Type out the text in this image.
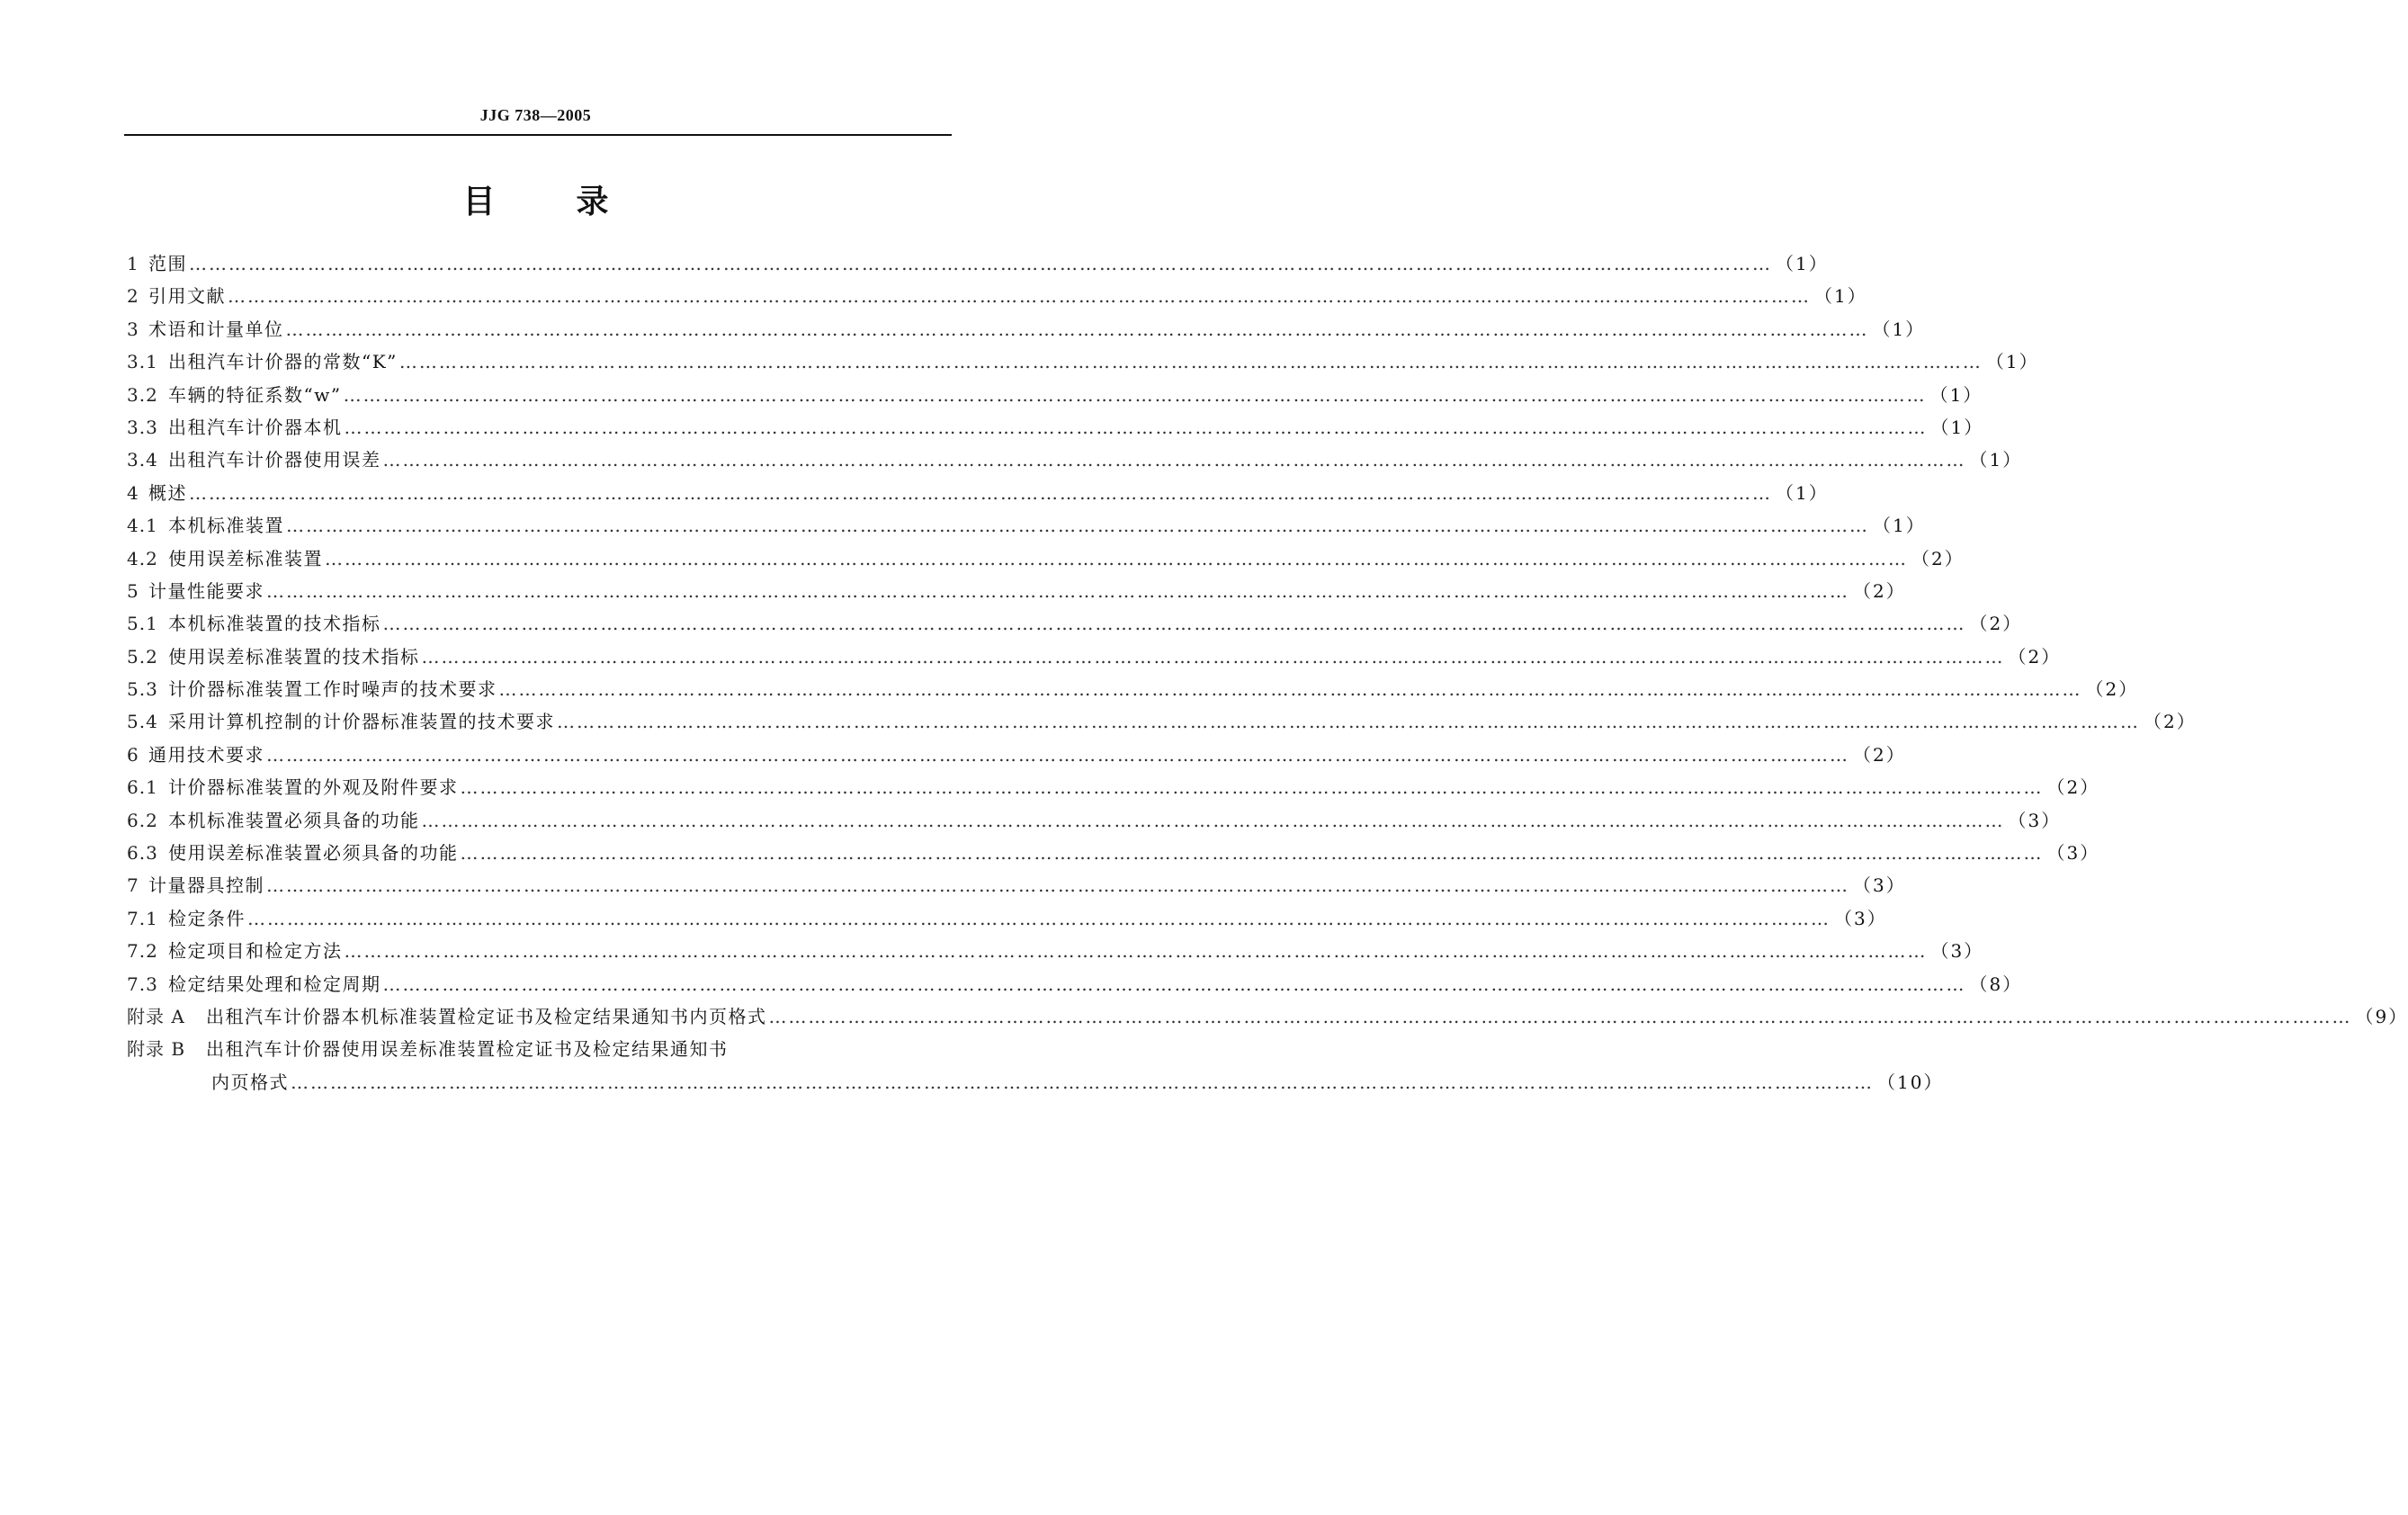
JJG 738—2005
目	录
1 范围 …………………………………………………………………………………………………………………………………………………………………………………………………………………… （1）
2 引用文献 …………………………………………………………………………………………………………………………………………………………………………………………………………………… （1）
3 术语和计量单位 …………………………………………………………………………………………………………………………………………………………………………………………………………………… （1）
3.1 出租汽车计价器的常数“K” …………………………………………………………………………………………………………………………………………………………………………………………………………………… （1）
3.2 车辆的特征系数“w” …………………………………………………………………………………………………………………………………………………………………………………………………………………… （1）
3.3 出租汽车计价器本机 …………………………………………………………………………………………………………………………………………………………………………………………………………………… （1）
3.4 出租汽车计价器使用误差 …………………………………………………………………………………………………………………………………………………………………………………………………………………… （1）
4 概述 …………………………………………………………………………………………………………………………………………………………………………………………………………………… （1）
4.1 本机标准装置 …………………………………………………………………………………………………………………………………………………………………………………………………………………… （1）
4.2 使用误差标准装置 …………………………………………………………………………………………………………………………………………………………………………………………………………………… （2）
5 计量性能要求 …………………………………………………………………………………………………………………………………………………………………………………………………………………… （2）
5.1 本机标准装置的技术指标 …………………………………………………………………………………………………………………………………………………………………………………………………………………… （2）
5.2 使用误差标准装置的技术指标 …………………………………………………………………………………………………………………………………………………………………………………………………………………… （2）
5.3 计价器标准装置工作时噪声的技术要求 …………………………………………………………………………………………………………………………………………………………………………………………………………………… （2）
5.4 采用计算机控制的计价器标准装置的技术要求 …………………………………………………………………………………………………………………………………………………………………………………………………………………… （2）
6 通用技术要求 …………………………………………………………………………………………………………………………………………………………………………………………………………………… （2）
6.1 计价器标准装置的外观及附件要求 …………………………………………………………………………………………………………………………………………………………………………………………………………………… （2）
6.2 本机标准装置必须具备的功能 …………………………………………………………………………………………………………………………………………………………………………………………………………………… （3）
6.3 使用误差标准装置必须具备的功能 …………………………………………………………………………………………………………………………………………………………………………………………………………………… （3）
7 计量器具控制 …………………………………………………………………………………………………………………………………………………………………………………………………………………… （3）
7.1 检定条件 …………………………………………………………………………………………………………………………………………………………………………………………………………………… （3）
7.2 检定项目和检定方法 …………………………………………………………………………………………………………………………………………………………………………………………………………………… （3）
7.3 检定结果处理和检定周期 …………………………………………………………………………………………………………………………………………………………………………………………………………………… （8）
附录 A	出租汽车计价器本机标准装置检定证书及检定结果通知书内页格式 …………………………………………………………………………………………………………………………………………………………………………………………………………………… （9）
附录 B	出租汽车计价器使用误差标准装置检定证书及检定结果通知书
内页格式 …………………………………………………………………………………………………………………………………………………………………………………………………………………… （10）
